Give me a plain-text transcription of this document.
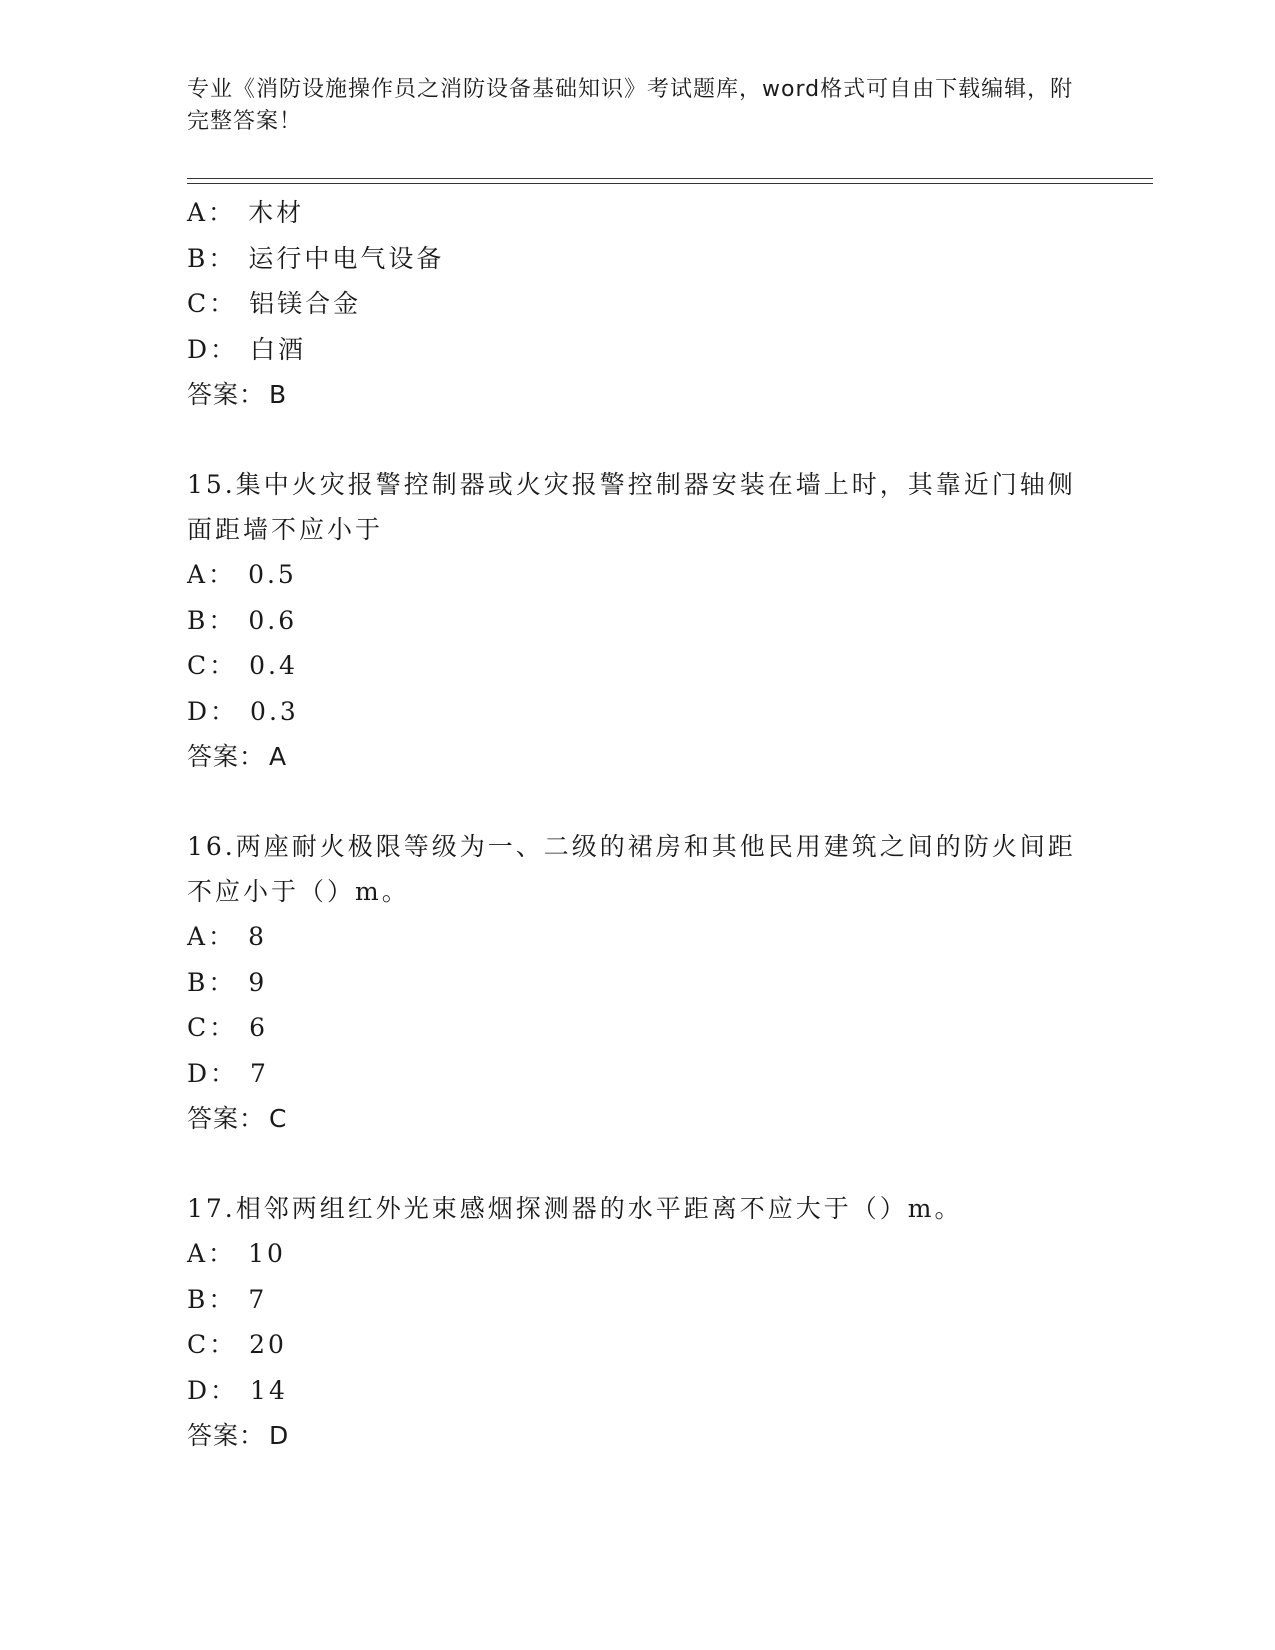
专业《消防设施操作员之消防设备基础知识》考试题库，word格式可自由下载编辑，附完整答案！
A： 木材
B： 运行中电气设备
C： 铝镁合金
D： 白酒
答案： B

15.集中火灾报警控制器或火灾报警控制器安装在墙上时，其靠近门轴侧面距墙不应小于

A： 0.5
B： 0.6
C： 0.4
D： 0.3
答案： A

16.两座耐火极限等级为一、二级的裙房和其他民用建筑之间的防火间距不应小于（）m。

A： 8
B： 9
C： 6
D： 7
答案： C

17.相邻两组红外光束感烟探测器的水平距离不应大于（）m。

A： 10
B： 7
C： 20
D： 14
答案： D
